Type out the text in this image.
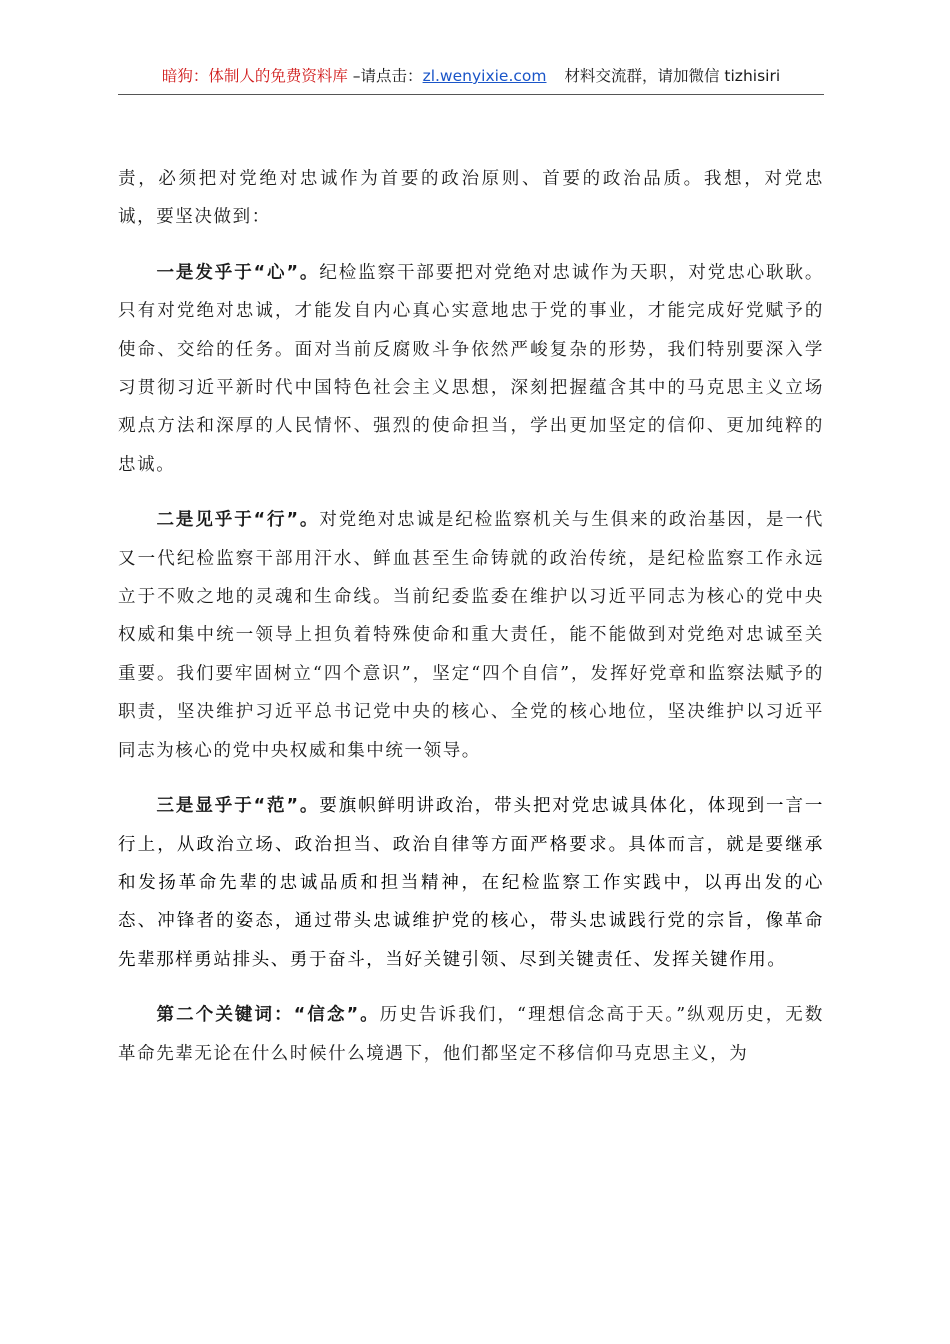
暗狗：体制人的免费资料库 –请点击：zl.wenyixie.com 材料交流群，请加微信 tizhisiri

责，必须把对党绝对忠诚作为首要的政治原则、首要的政治品质。我想，对党忠诚，要坚决做到：

一是发乎于“心”。纪检监察干部要把对党绝对忠诚作为天职，对党忠心耿耿。只有对党绝对忠诚，才能发自内心真心实意地忠于党的事业，才能完成好党赋予的使命、交给的任务。面对当前反腐败斗争依然严峻复杂的形势，我们特别要深入学习贯彻习近平新时代中国特色社会主义思想，深刻把握蕴含其中的马克思主义立场观点方法和深厚的人民情怀、强烈的使命担当，学出更加坚定的信仰、更加纯粹的忠诚。

二是见乎于“行”。对党绝对忠诚是纪检监察机关与生俱来的政治基因，是一代又一代纪检监察干部用汗水、鲜血甚至生命铸就的政治传统，是纪检监察工作永远立于不败之地的灵魂和生命线。当前纪委监委在维护以习近平同志为核心的党中央权威和集中统一领导上担负着特殊使命和重大责任，能不能做到对党绝对忠诚至关重要。我们要牢固树立“四个意识”，坚定“四个自信”，发挥好党章和监察法赋予的职责，坚决维护习近平总书记党中央的核心、全党的核心地位，坚决维护以习近平同志为核心的党中央权威和集中统一领导。

三是显乎于“范”。要旗帜鲜明讲政治，带头把对党忠诚具体化，体现到一言一行上，从政治立场、政治担当、政治自律等方面严格要求。具体而言，就是要继承和发扬革命先辈的忠诚品质和担当精神，在纪检监察工作实践中，以再出发的心态、冲锋者的姿态，通过带头忠诚维护党的核心，带头忠诚践行党的宗旨，像革命先辈那样勇站排头、勇于奋斗，当好关键引领、尽到关键责任、发挥关键作用。

第二个关键词：“信念”。历史告诉我们，“理想信念高于天。”纵观历史，无数革命先辈无论在什么时候什么境遇下，他们都坚定不移信仰马克思主义，为
